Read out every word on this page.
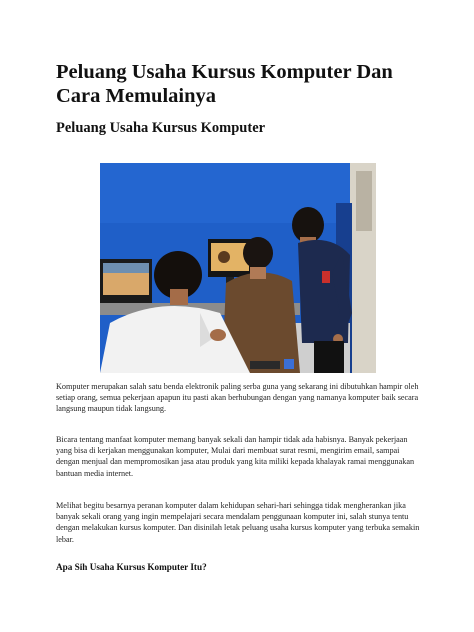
Peluang Usaha Kursus Komputer Dan Cara Memulainya
Peluang Usaha Kursus Komputer

Komputer merupakan salah satu benda elektronik paling serba guna yang sekarang ini dibutuhkan hampir oleh setiap orang, semua pekerjaan apapun itu pasti akan berhubungan dengan yang namanya komputer baik secara langsung maupun tidak langsung.

Bicara tentang manfaat komputer memang banyak sekali dan hampir tidak ada habisnya. Banyak pekerjaan yang bisa di kerjakan menggunakan komputer, Mulai dari membuat surat resmi, mengirim email, sampai dengan menjual dan mempromosikan jasa atau produk yang kita miliki kepada khalayak ramai menggunakan bantuan media internet.

Melihat begitu besarnya peranan komputer dalam kehidupan sehari-hari sehingga tidak mengherankan jika banyak sekali orang yang ingin mempelajari secara mendalam penggunaan komputer ini, salah stunya tentu dengan melakukan kursus komputer. Dan disinilah letak peluang usaha kursus komputer yang terbuka semakin lebar.

Apa Sih Usaha Kursus Komputer Itu?
